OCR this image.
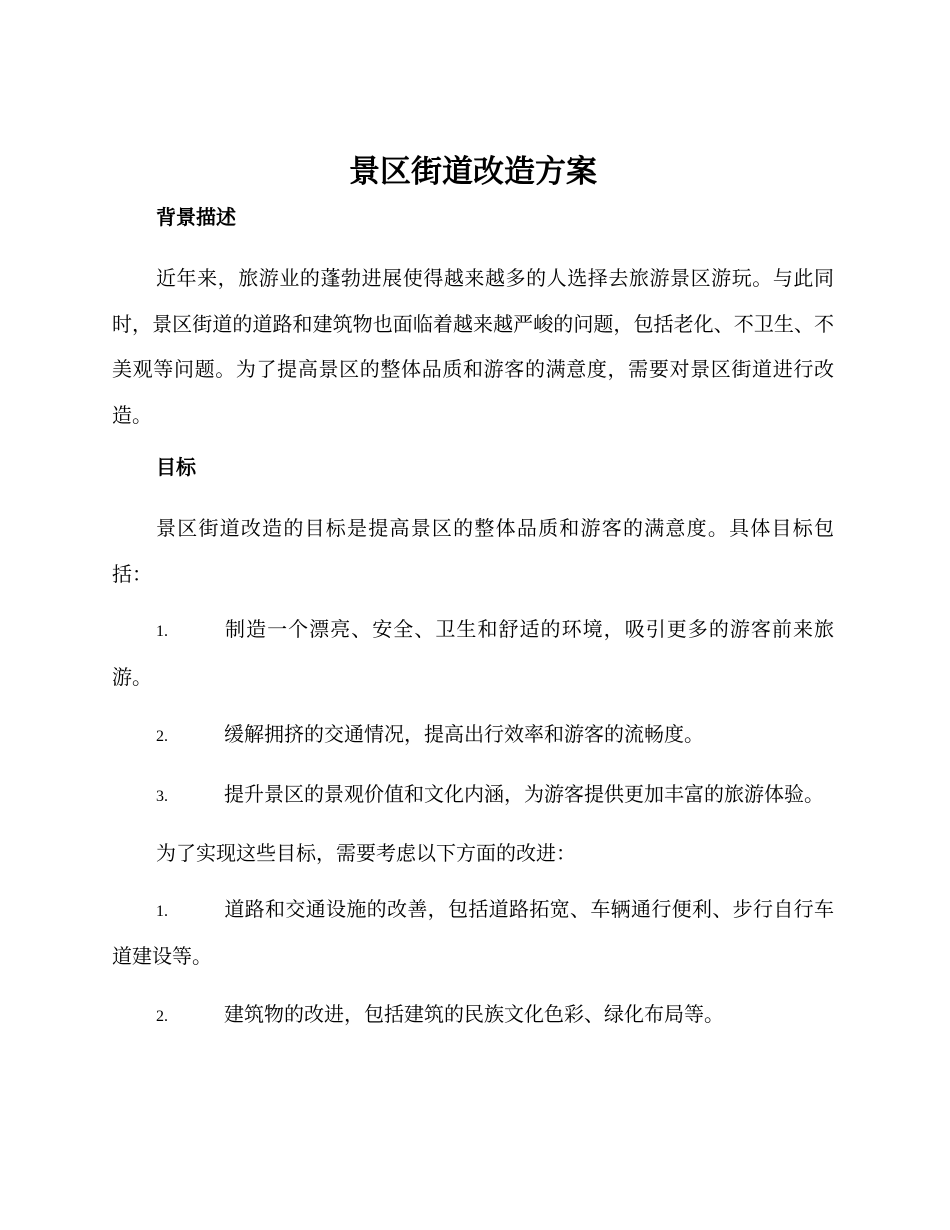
景区街道改造方案
背景描述

近年来，旅游业的蓬勃进展使得越来越多的人选择去旅游景区游玩。与此同时，景区街道的道路和建筑物也面临着越来越严峻的问题，包括老化、不卫生、不美观等问题。为了提高景区的整体品质和游客的满意度，需要对景区街道进行改造。

目标

景区街道改造的目标是提高景区的整体品质和游客的满意度。具体目标包括：

1.	制造一个漂亮、安全、卫生和舒适的环境，吸引更多的游客前来旅游。

2.	缓解拥挤的交通情况，提高出行效率和游客的流畅度。

3.	提升景区的景观价值和文化内涵，为游客提供更加丰富的旅游体验。

为了实现这些目标，需要考虑以下方面的改进：

1.	道路和交通设施的改善，包括道路拓宽、车辆通行便利、步行自行车道建设等。

2.	建筑物的改进，包括建筑的民族文化色彩、绿化布局等。
